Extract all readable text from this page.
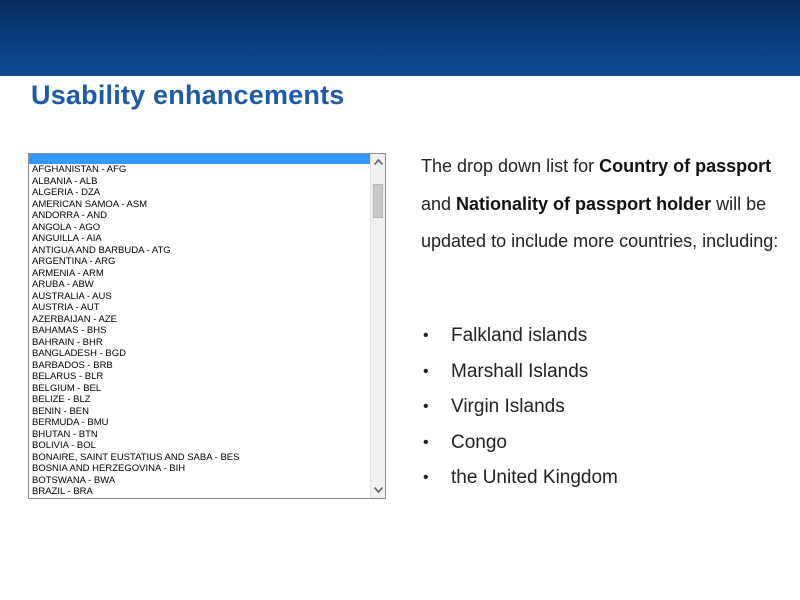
Usability enhancements
AFGHANISTAN - AFG
ALBANIA - ALB
ALGERIA - DZA
AMERICAN SAMOA - ASM
ANDORRA - AND
ANGOLA - AGO
ANGUILLA - AIA
ANTIGUA AND BARBUDA - ATG
ARGENTINA - ARG
ARMENIA - ARM
ARUBA - ABW
AUSTRALIA - AUS
AUSTRIA - AUT
AZERBAIJAN - AZE
BAHAMAS - BHS
BAHRAIN - BHR
BANGLADESH - BGD
BARBADOS - BRB
BELARUS - BLR
BELGIUM - BEL
BELIZE - BLZ
BENIN - BEN
BERMUDA - BMU
BHUTAN - BTN
BOLIVIA - BOL
BONAIRE, SAINT EUSTATIUS AND SABA - BES
BOSNIA AND HERZEGOVINA - BIH
BOTSWANA - BWA
BRAZIL - BRA
The drop down list for Country of passport and Nationality of passport holder will be updated to include more countries, including:
• Falkland islands
• Marshall Islands
• Virgin Islands
• Congo
• the United Kingdom
